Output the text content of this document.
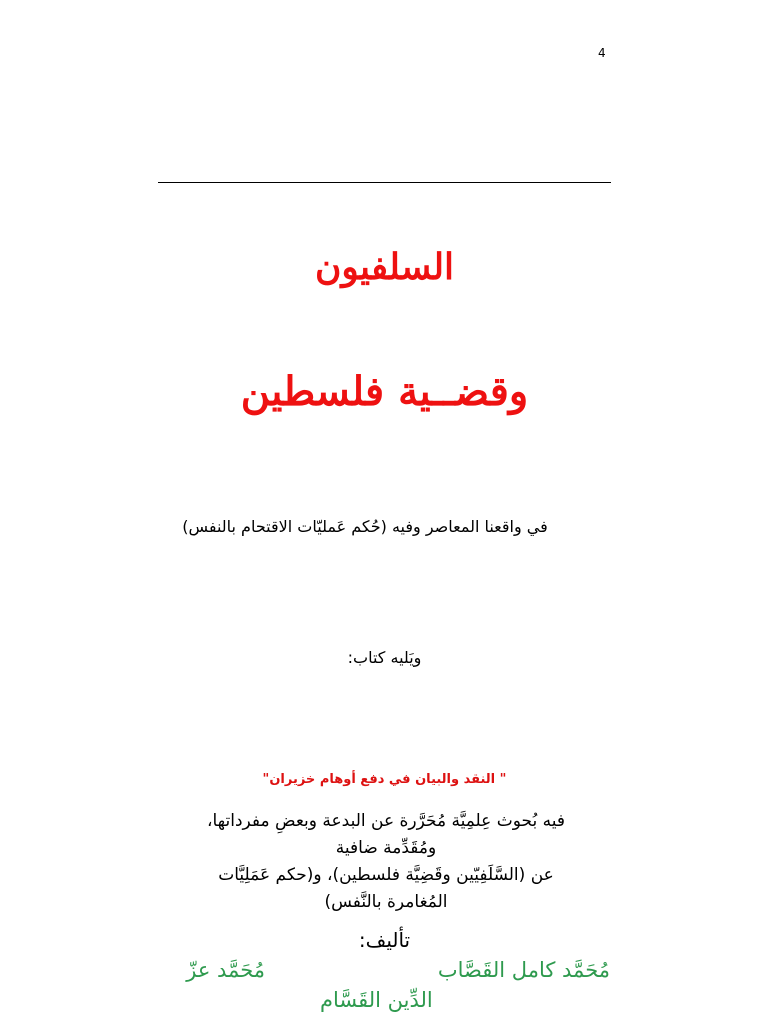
4
السلفيون
وقضــية فلسطين
في واقعنا المعاصر وفيه (حُكم عَمليّات الاقتحام بالنفس)
ويَليه كتاب:
" النقد والبيان في دفع أوهام خزيران"
فيه بُحوث عِلمِيَّة مُحَرَّرة عن البدعة وبعضِ مفرداتها،
ومُقَدِّمة ضافية
عن (السَّلَفِيّين وقَضِيَّة فلسطين)، و(حكم عَمَلِيَّات
المُغامرة بالنَّفس)
تأليف:
مُحَمَّد كامل القَصَّاب
مُحَمَّد عزّ
الدِّين القَسَّام
